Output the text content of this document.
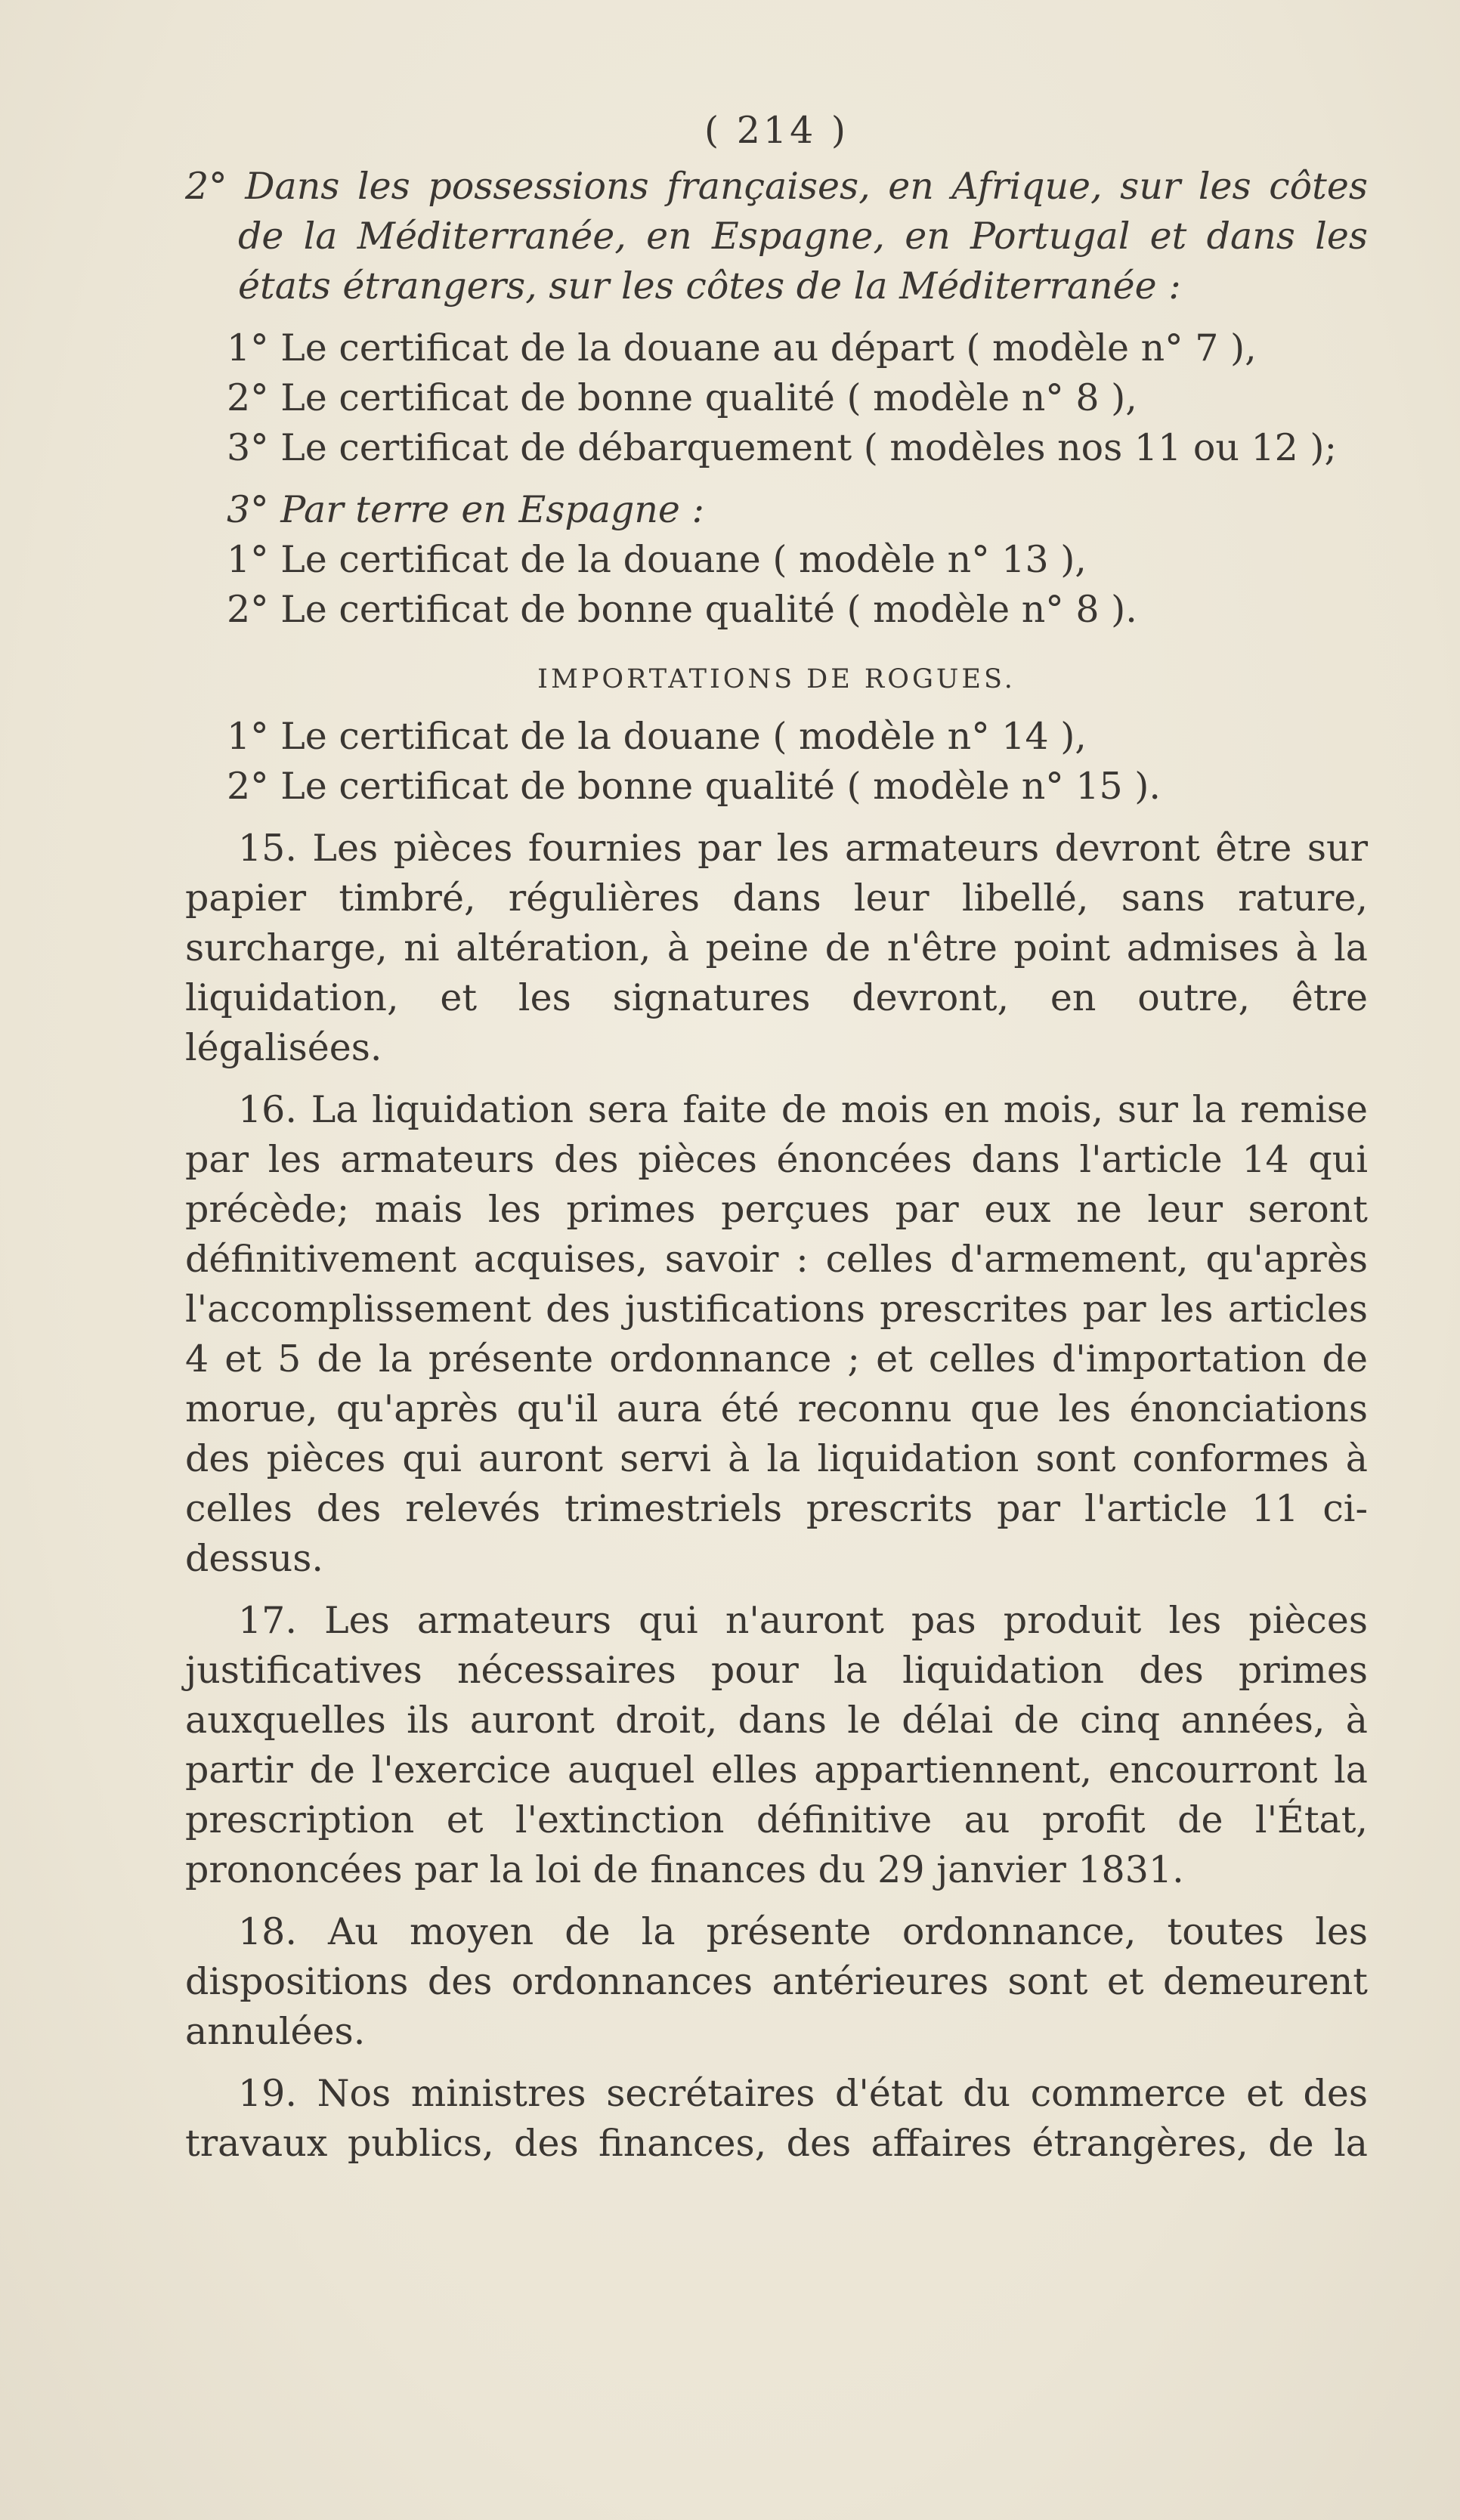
( 214 )

2° Dans les possessions françaises, en Afrique, sur les côtes de la Méditerranée, en Espagne, en Portugal et dans les états étrangers, sur les côtes de la Méditerranée :

1° Le certificat de la douane au départ ( modèle n° 7 ),

2° Le certificat de bonne qualité ( modèle n° 8 ),

3° Le certificat de débarquement ( modèles nos 11 ou 12 );

3° Par terre en Espagne :

1° Le certificat de la douane ( modèle n° 13 ),

2° Le certificat de bonne qualité ( modèle n° 8 ).

IMPORTATIONS DE ROGUES.

1° Le certificat de la douane ( modèle n° 14 ),

2° Le certificat de bonne qualité ( modèle n° 15 ).

15. Les pièces fournies par les armateurs devront être sur papier timbré, régulières dans leur libellé, sans rature, surcharge, ni altération, à peine de n'être point admises à la liquidation, et les signatures devront, en outre, être légalisées.

16. La liquidation sera faite de mois en mois, sur la remise par les armateurs des pièces énoncées dans l'article 14 qui précède; mais les primes perçues par eux ne leur seront définitivement acquises, savoir : celles d'armement, qu'après l'accomplissement des justifications prescrites par les articles 4 et 5 de la présente ordonnance ; et celles d'importation de morue, qu'après qu'il aura été reconnu que les énonciations des pièces qui auront servi à la liquidation sont conformes à celles des relevés trimestriels prescrits par l'article 11 ci-dessus.

17. Les armateurs qui n'auront pas produit les pièces justificatives nécessaires pour la liquidation des primes auxquelles ils auront droit, dans le délai de cinq années, à partir de l'exercice auquel elles appartiennent, encourront la prescription et l'extinction définitive au profit de l'État, prononcées par la loi de finances du 29 janvier 1831.

18. Au moyen de la présente ordonnance, toutes les dispositions des ordonnances antérieures sont et demeurent annulées.

19. Nos ministres secrétaires d'état du commerce et des travaux publics, des finances, des affaires étrangères, de la
